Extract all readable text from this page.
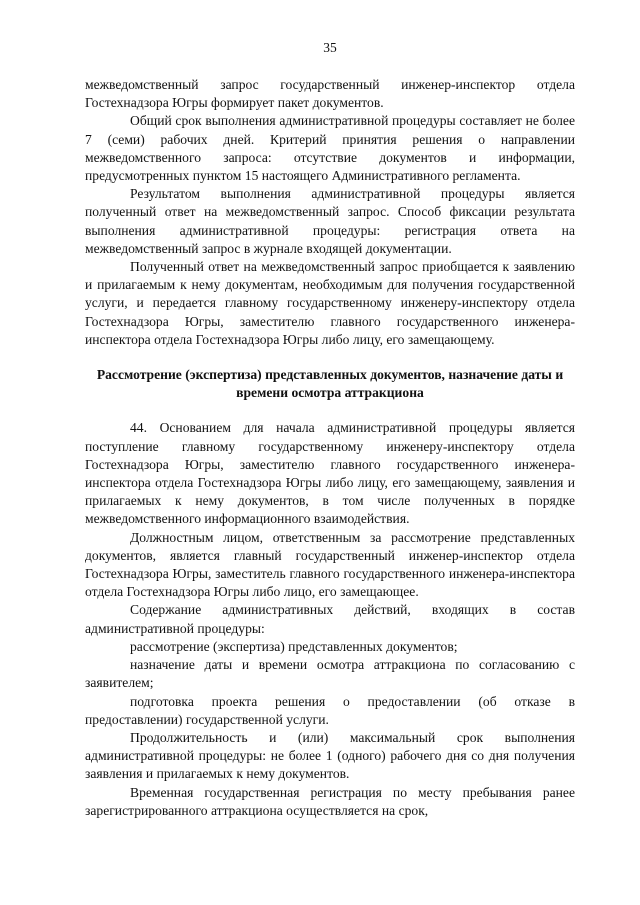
35

межведомственный запрос государственный инженер-инспектор отдела Гостехнадзора Югры формирует пакет документов.

Общий срок выполнения административной процедуры составляет не более 7 (семи) рабочих дней. Критерий принятия решения о направлении межведомственного запроса: отсутствие документов и информации, предусмотренных пунктом 15 настоящего Административного регламента.

Результатом выполнения административной процедуры является полученный ответ на межведомственный запрос. Способ фиксации результата выполнения административной процедуры: регистрация ответа на межведомственный запрос в журнале входящей документации.

Полученный ответ на межведомственный запрос приобщается к заявлению и прилагаемым к нему документам, необходимым для получения государственной услуги, и передается главному государственному инженеру-инспектору отдела Гостехнадзора Югры, заместителю главного государственного инженера-инспектора отдела Гостехнадзора Югры либо лицу, его замещающему.

Рассмотрение (экспертиза) представленных документов, назначение даты и времени осмотра аттракциона

44. Основанием для начала административной процедуры является поступление главному государственному инженеру-инспектору отдела Гостехнадзора Югры, заместителю главного государственного инженера-инспектора отдела Гостехнадзора Югры либо лицу, его замещающему, заявления и прилагаемых к нему документов, в том числе полученных в порядке межведомственного информационного взаимодействия.

Должностным лицом, ответственным за рассмотрение представленных документов, является главный государственный инженер-инспектор отдела Гостехнадзора Югры, заместитель главного государственного инженера-инспектора отдела Гостехнадзора Югры либо лицо, его замещающее.

Содержание административных действий, входящих в состав административной процедуры:

рассмотрение (экспертиза) представленных документов;

назначение даты и времени осмотра аттракциона по согласованию с заявителем;

подготовка проекта решения о предоставлении (об отказе в предоставлении) государственной услуги.

Продолжительность и (или) максимальный срок выполнения административной процедуры: не более 1 (одного) рабочего дня со дня получения заявления и прилагаемых к нему документов.

Временная государственная регистрация по месту пребывания ранее зарегистрированного аттракциона осуществляется на срок,
